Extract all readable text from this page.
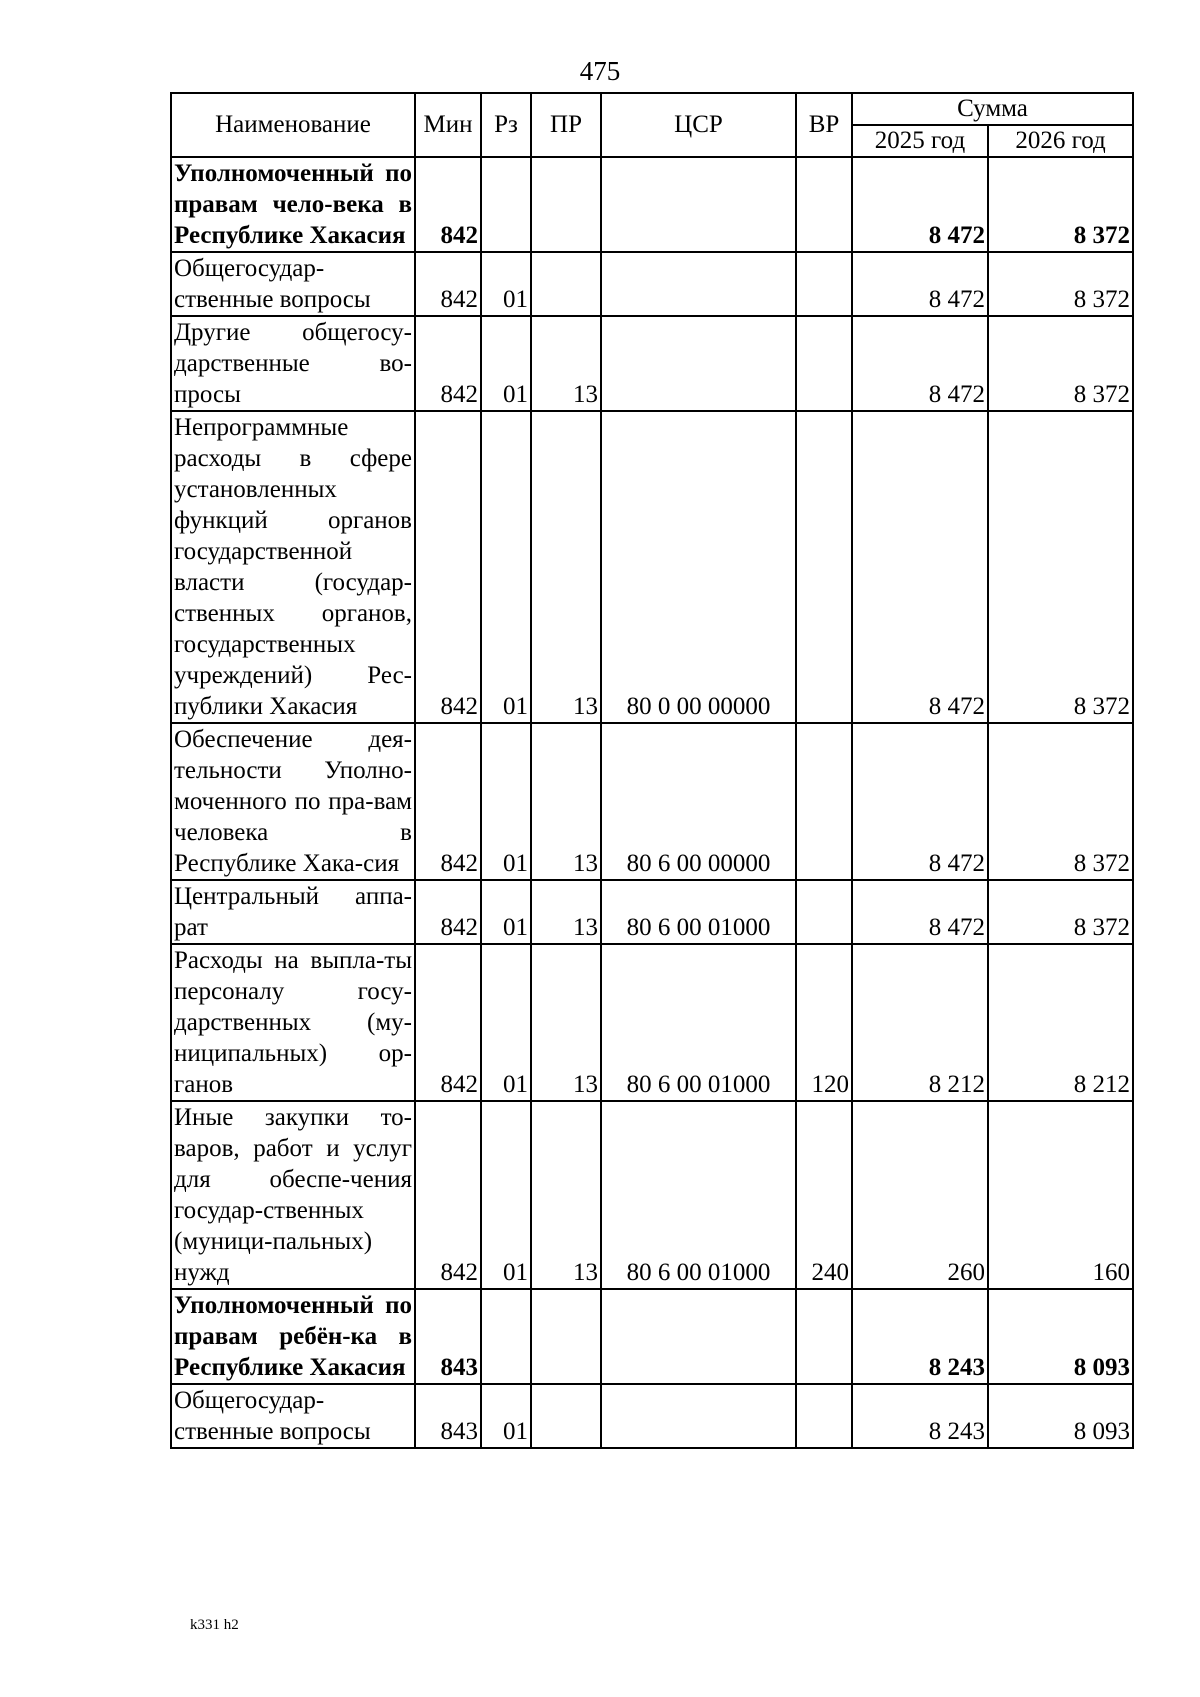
475
Наименование	Мин	Рз	ПР	ЦСР	ВР	Сумма	
						2025 год	2026 год
Уполномоченный по правам чело-века в Республике Хакасия	842					8 472	8 372
Общегосудар-ственные вопросы	842	01				8 472	8 372
Другие общегосу-дарственные во-просы	842	01	13			8 472	8 372
Непрограммные расходы в сфере установленных функций органов государственной власти (государ-ственных органов, государственных учреждений) Рес-публики Хакасия	842	01	13	80 0 00 00000		8 472	8 372
Обеспечение дея-тельности Уполно-моченного по пра-вам человека в Республике Хака-сия	842	01	13	80 6 00 00000		8 472	8 372
Центральный аппа-рат	842	01	13	80 6 00 01000		8 472	8 372
Расходы на выпла-ты персоналу госу-дарственных (му-ниципальных) ор-ганов	842	01	13	80 6 00 01000	120	8 212	8 212
Иные закупки то-варов, работ и услуг для обеспе-чения государ-ственных (муници-пальных) нужд	842	01	13	80 6 00 01000	240	260	160
Уполномоченный по правам ребён-ка в Республике Хакасия	843					8 243	8 093
Общегосудар-ственные вопросы	843	01				8 243	8 093
k331 h2
